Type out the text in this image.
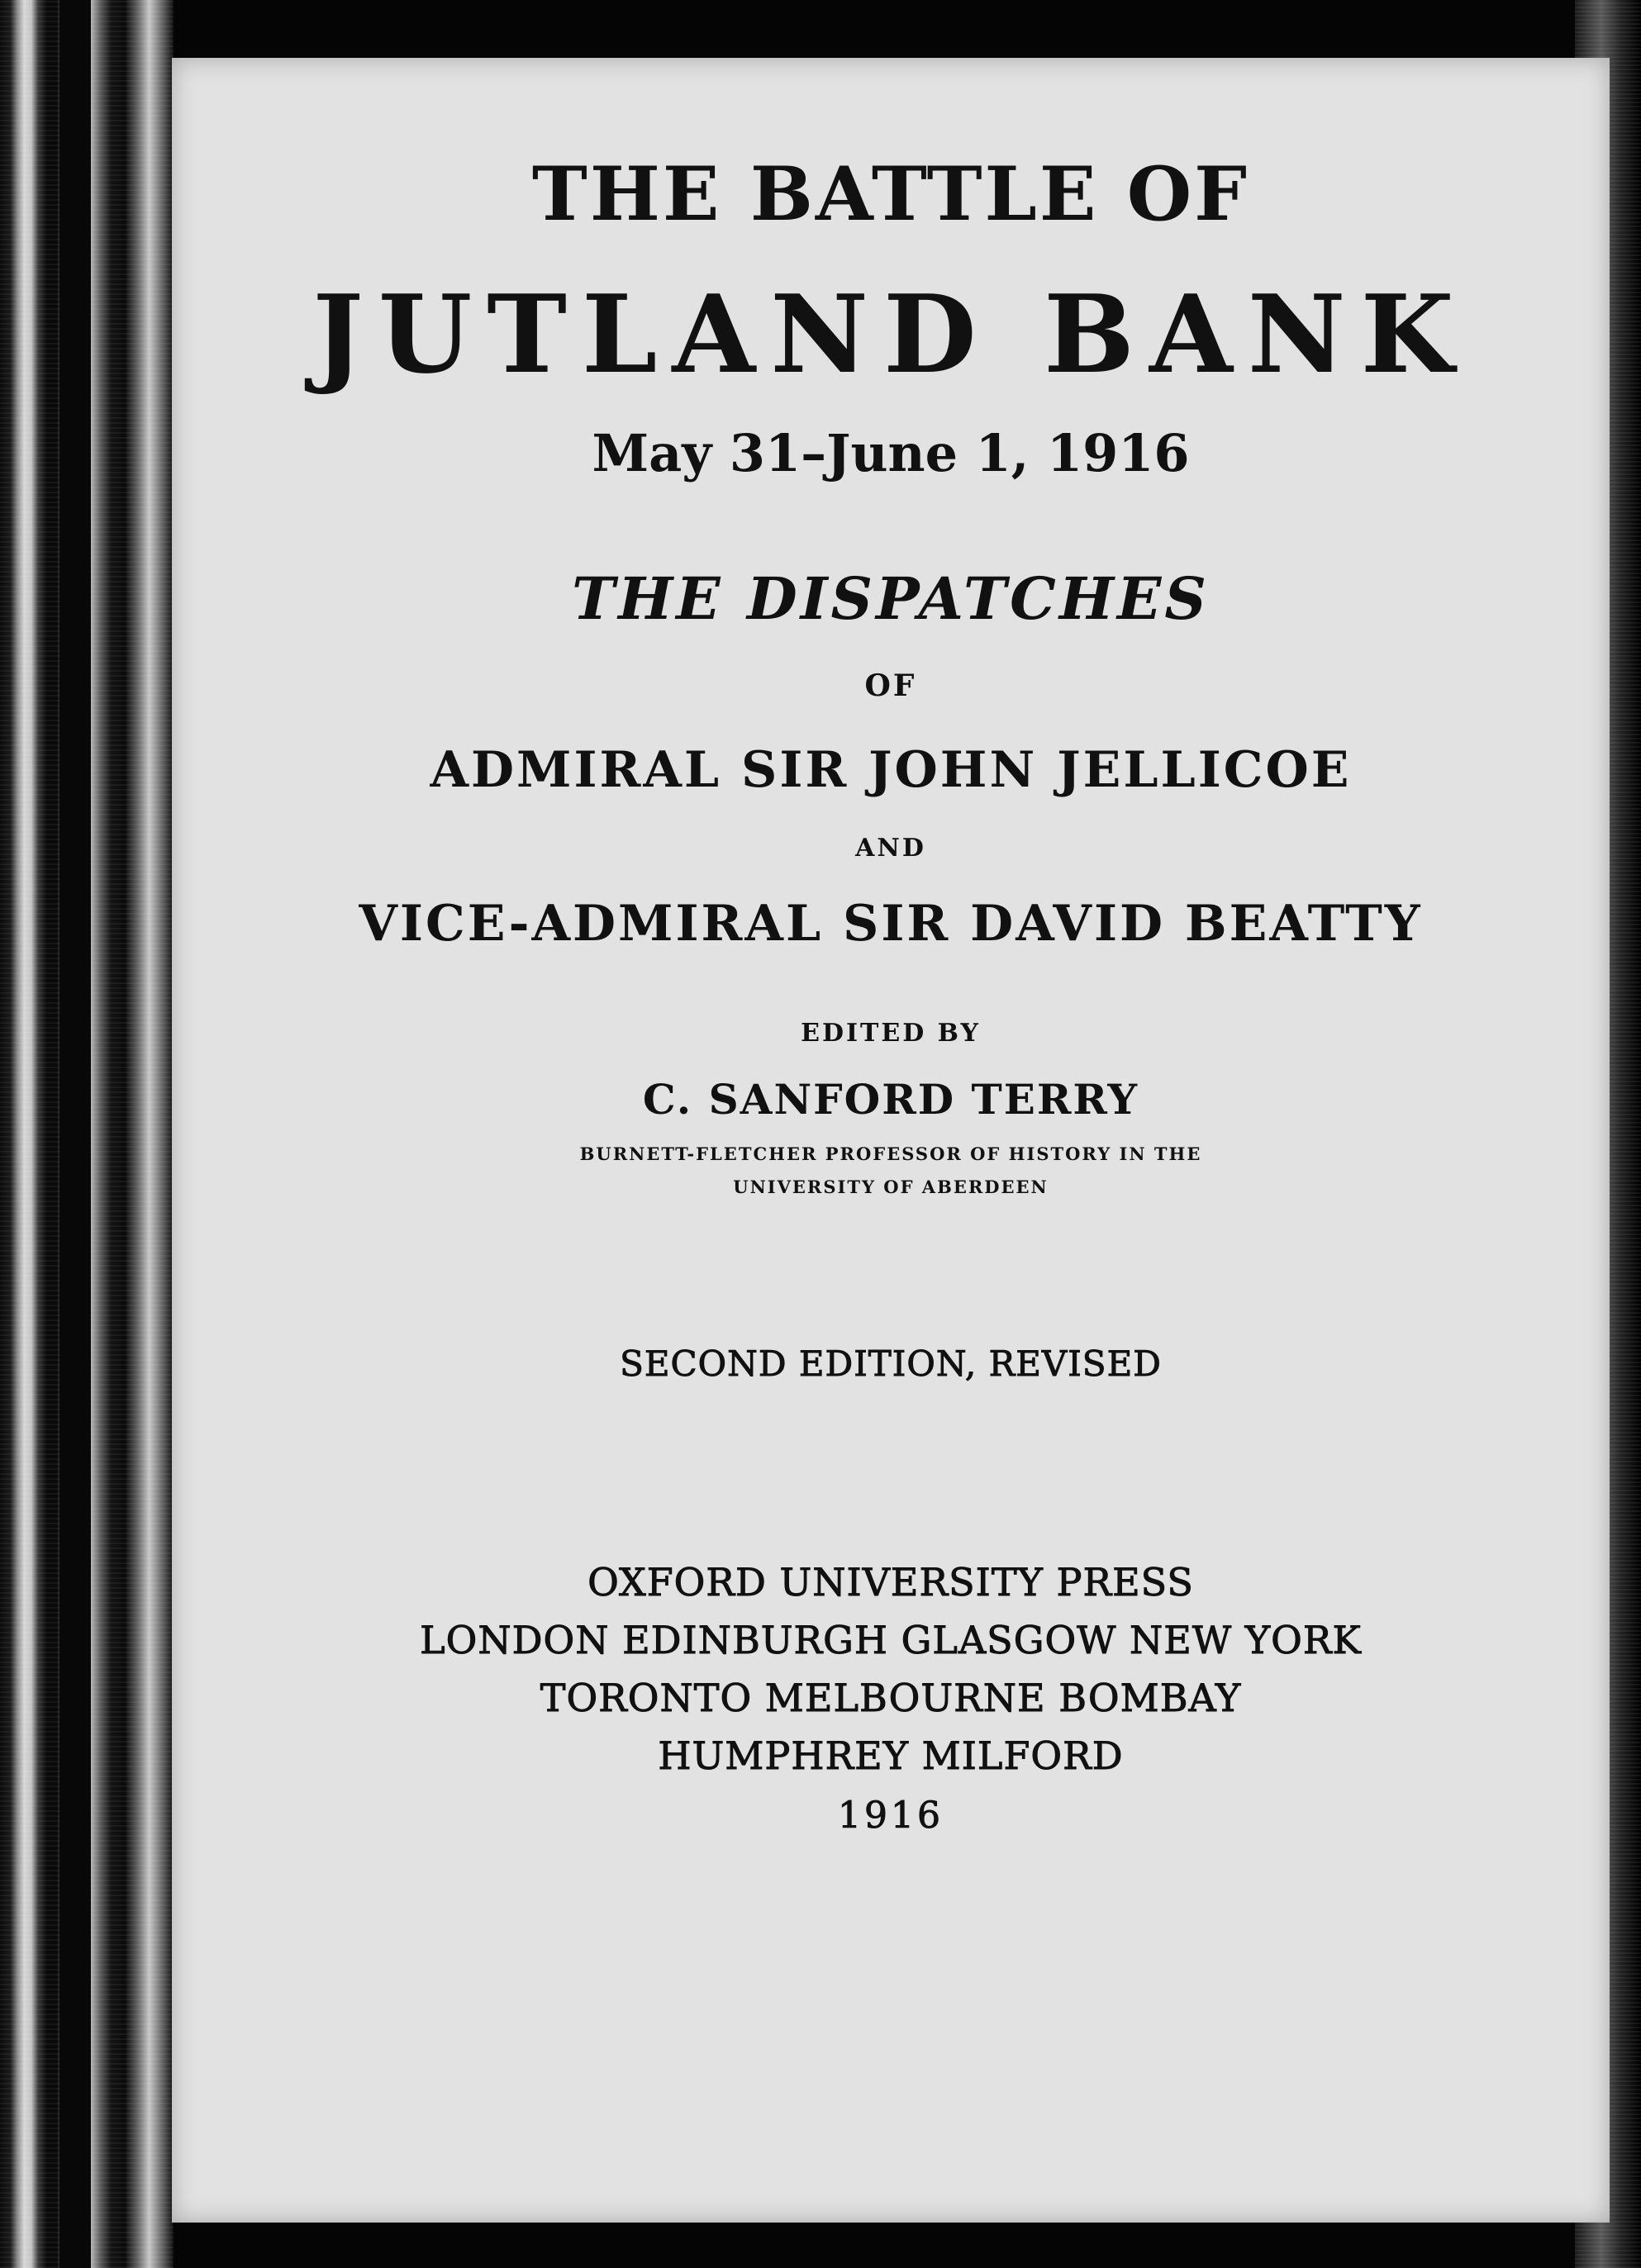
THE BATTLE OF

JUTLAND BANK

May 31–June 1, 1916

THE DISPATCHES

OF

ADMIRAL SIR JOHN JELLICOE

AND

VICE-ADMIRAL SIR DAVID BEATTY

EDITED BY

C. SANFORD TERRY

BURNETT-FLETCHER PROFESSOR OF HISTORY IN THE

UNIVERSITY OF ABERDEEN

SECOND EDITION, REVISED

OXFORD UNIVERSITY PRESS

LONDON EDINBURGH GLASGOW NEW YORK

TORONTO MELBOURNE BOMBAY

HUMPHREY MILFORD

1916
